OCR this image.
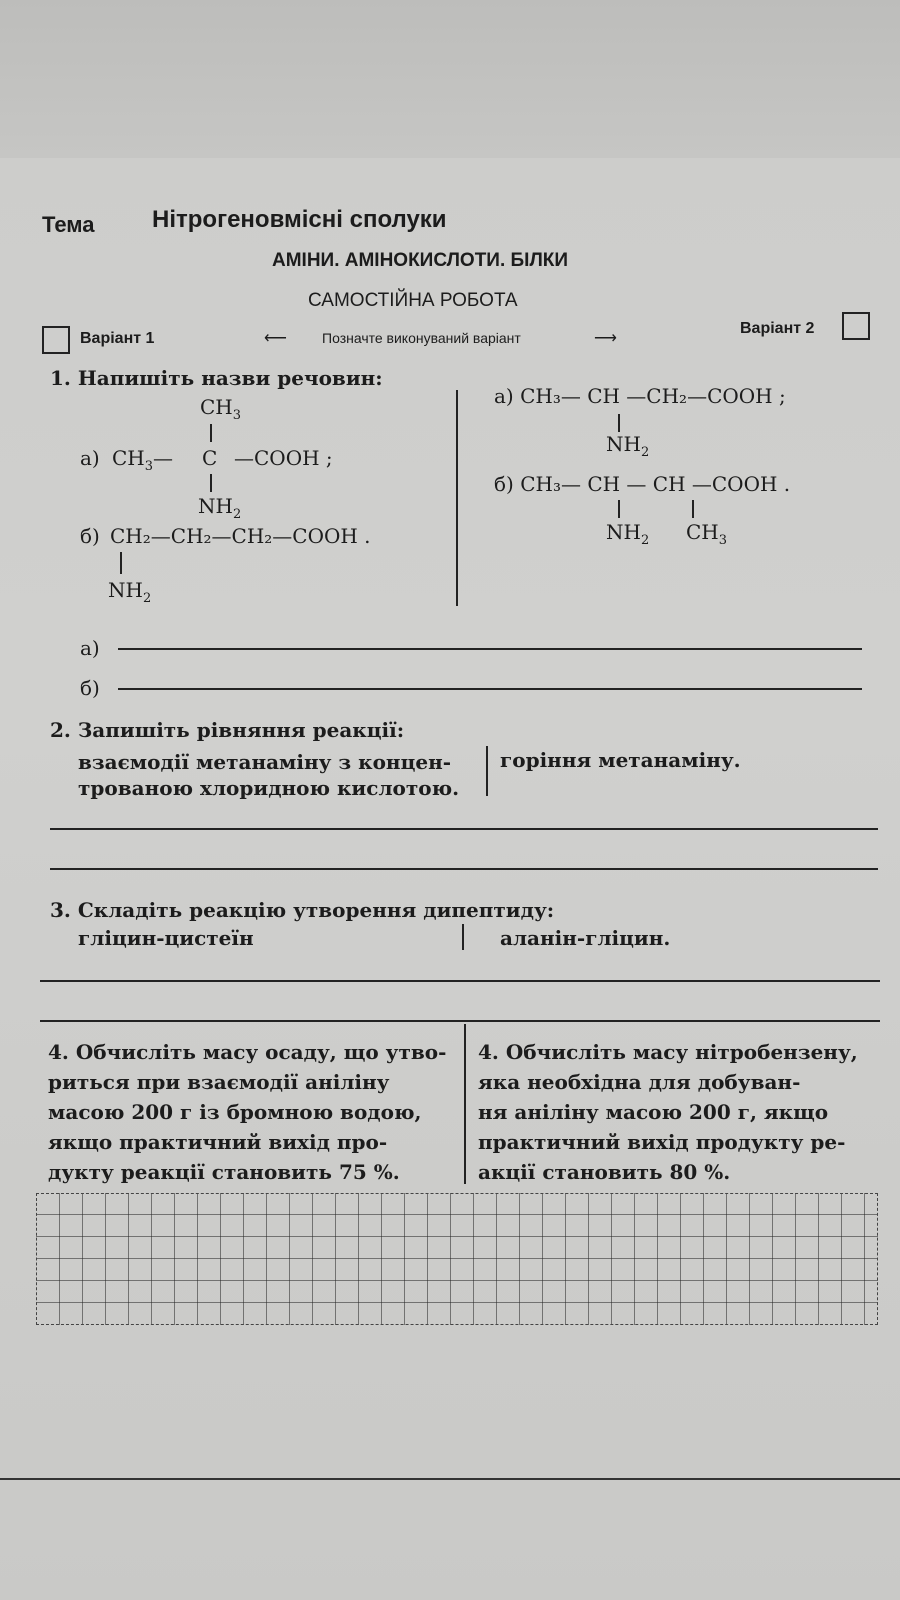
Тема Нітрогеновмісні сполуки
АМІНИ. АМІНОКИСЛОТИ. БІЛКИ
САМОСТІЙНА РОБОТА
Варіант 1	⟵	Позначте виконуваний варіант	⟶
Варіант 2
1. Напишіть назви речовин:
$CH_3$
а) $CH_3—$ C —COOH ;
$NH_2$
б) CH₂—CH₂—CH₂—COOH .
$NH_2$
а) CH₃— CH —CH₂—COOH ;
$NH_2$
б) CH₃— CH — CH —COOH .
$NH_2$ $CH_3$
а)
б)
2. Запишіть рівняння реакції:
взаємодії метанаміну з концен-
трованою хлоридною кислотою.
горіння метанаміну.
3. Складіть реакцію утворення дипептиду:
гліцин-цистеїн	аланін-гліцин.
4. Обчисліть масу осаду, що утво-
риться при взаємодії аніліну
масою 200 г із бромною водою,
якщо практичний вихід про-
дукту реакції становить 75 %.
4. Обчисліть масу нітробензену,
яка необхідна для добуван-
ня аніліну масою 200 г, якщо
практичний вихід продукту ре-
акції становить 80 %.
